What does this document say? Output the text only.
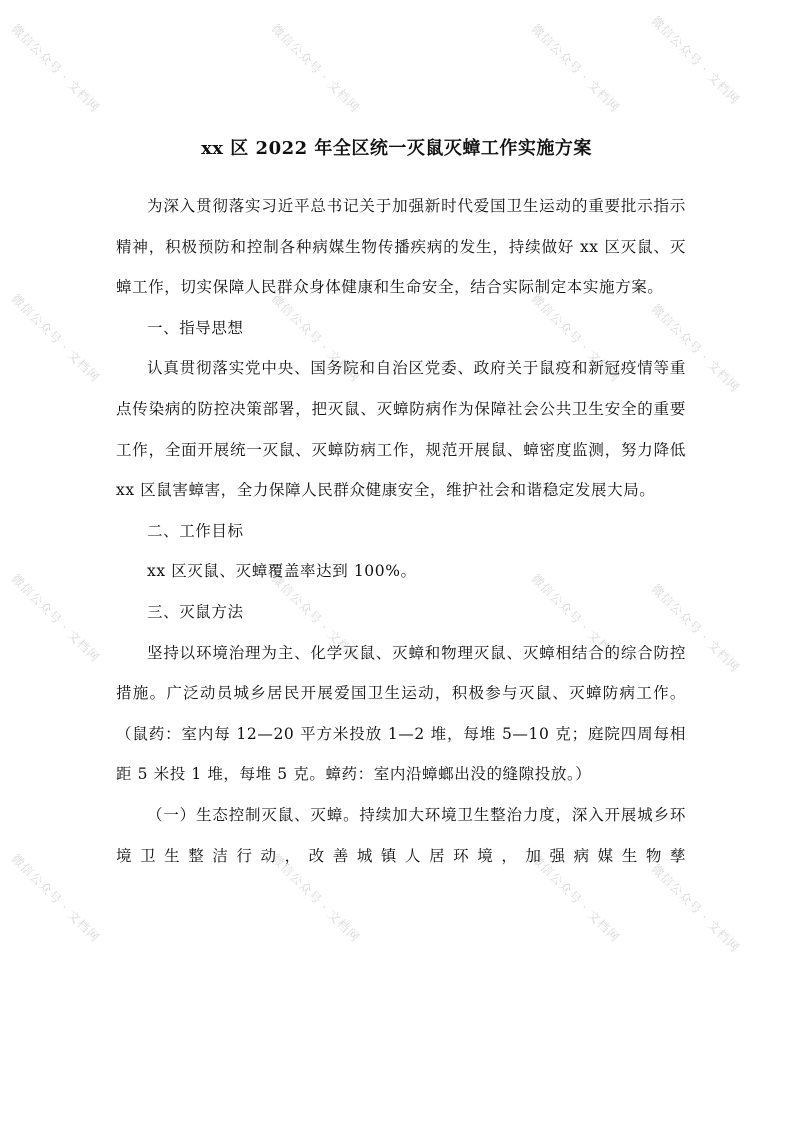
微信公众号 · 文档网	微信公众号 · 文档网	微信公众号 · 文档网 微信公众号 · 文档网
微信公众号 · 文档网	微信公众号 · 文档网	微信公众号 · 文档网 微信公众号 · 文档网
微信公众号 · 文档网	微信公众号 · 文档网	微信公众号 · 文档网 微信公众号 · 文档网
微信公众号 · 文档网	微信公众号 · 文档网	微信公众号 · 文档网 微信公众号 · 文档网
xx 区 2022 年全区统一灭鼠灭蟑工作实施方案

为深入贯彻落实习近平总书记关于加强新时代爱国卫生运动的重要批示指示精神，积极预防和控制各种病媒生物传播疾病的发生，持续做好 xx 区灭鼠、灭蟑工作，切实保障人民群众身体健康和生命安全，结合实际制定本实施方案。

一、指导思想

认真贯彻落实党中央、国务院和自治区党委、政府关于鼠疫和新冠疫情等重点传染病的防控决策部署，把灭鼠、灭蟑防病作为保障社会公共卫生安全的重要工作，全面开展统一灭鼠、灭蟑防病工作，规范开展鼠、蟑密度监测，努力降低 xx 区鼠害蟑害，全力保障人民群众健康安全，维护社会和谐稳定发展大局。

二、工作目标

xx 区灭鼠、灭蟑覆盖率达到 100%。

三、灭鼠方法

坚持以环境治理为主、化学灭鼠、灭蟑和物理灭鼠、灭蟑相结合的综合防控措施。广泛动员城乡居民开展爱国卫生运动，积极参与灭鼠、灭蟑防病工作。（鼠药：室内每 12—20 平方米投放 1—2 堆，每堆 5—10 克；庭院四周每相距 5 米投 1 堆，每堆 5 克。蟑药：室内沿蟑螂出没的缝隙投放。）

（一）生态控制灭鼠、灭蟑。持续加大环境卫生整治力度，深入开展城乡环境卫生整洁行动，改善城镇人居环境，加强病媒生物孳
